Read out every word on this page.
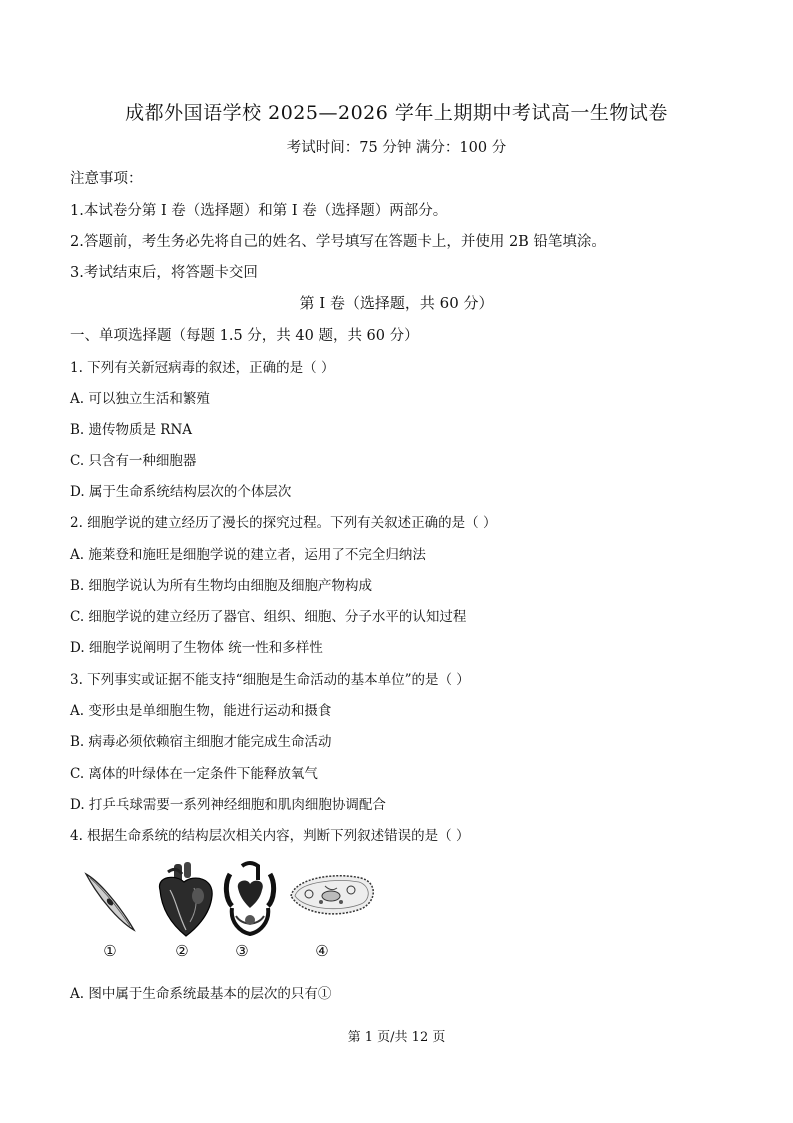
成都外国语学校 2025—2026 学年上期期中考试高一生物试卷
考试时间：75 分钟 满分：100 分
注意事项：
1.本试卷分第 I 卷（选择题）和第 I 卷（选择题）两部分。
2.答题前，考生务必先将自己的姓名、学号填写在答题卡上，并使用 2B 铅笔填涂。
3.考试结束后，将答题卡交回
第 I 卷（选择题，共 60 分）
一、单项选择题（每题 1.5 分，共 40 题，共 60 分）
1. 下列有关新冠病毒的叙述，正确的是（ ）
A. 可以独立生活和繁殖
B. 遗传物质是 RNA
C. 只含有一种细胞器
D. 属于生命系统结构层次的个体层次
2. 细胞学说的建立经历了漫长的探究过程。下列有关叙述正确的是（ ）
A. 施莱登和施旺是细胞学说的建立者，运用了不完全归纳法
B. 细胞学说认为所有生物均由细胞及细胞产物构成
C. 细胞学说的建立经历了器官、组织、细胞、分子水平的认知过程
D. 细胞学说阐明了生物体 统一性和多样性
3. 下列事实或证据不能支持“细胞是生命活动的基本单位”的是（ ）
A. 变形虫是单细胞生物，能进行运动和摄食
B. 病毒必须依赖宿主细胞才能完成生命活动
C. 离体的叶绿体在一定条件下能释放氧气
D. 打乒乓球需要一系列神经细胞和肌肉细胞协调配合
4. 根据生命系统的结构层次相关内容，判断下列叙述错误的是（ ）
①	②	③	④
A. 图中属于生命系统最基本的层次的只有①
第 1 页/共 12 页
